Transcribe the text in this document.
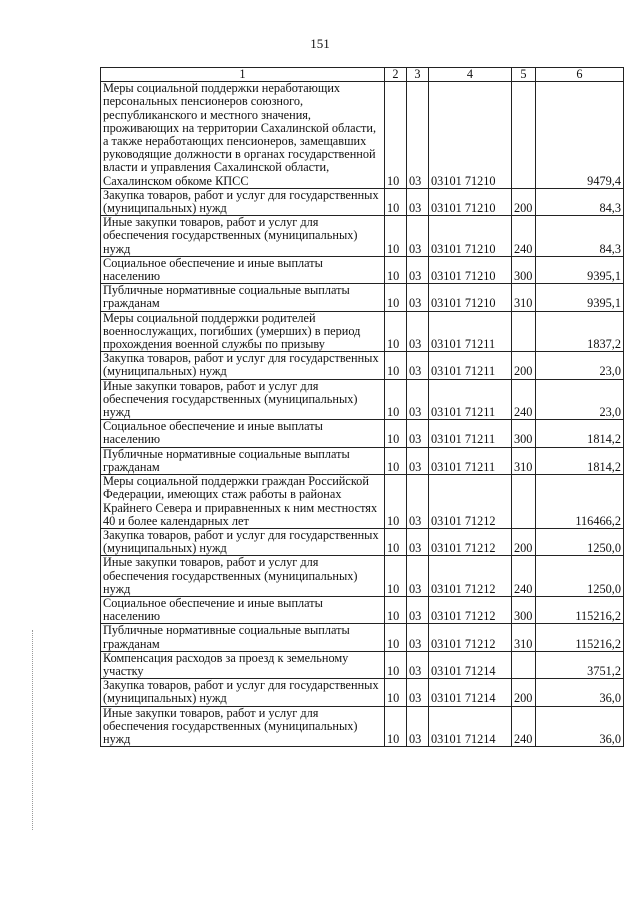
151
1	2	3	4	5	6
Меры социальной поддержки неработающих персональных пенсионеров союзного, республиканского и местного значения, проживающих на территории Сахалинской области, а также неработающих пенсионеров, замещавших руководящие должности в органах государственной власти и управления Сахалинской области, Сахалинском обкоме КПСС	10	03	03101 71210		9479,4
Закупка товаров, работ и услуг для государственных (муниципальных) нужд	10	03	03101 71210	200	84,3
Иные закупки товаров, работ и услуг для обеспечения государственных (муниципальных) нужд	10	03	03101 71210	240	84,3
Социальное обеспечение и иные выплаты населению	10	03	03101 71210	300	9395,1
Публичные нормативные социальные выплаты гражданам	10	03	03101 71210	310	9395,1
Меры социальной поддержки родителей военнослужащих, погибших (умерших) в период прохождения военной службы по призыву	10	03	03101 71211		1837,2
Закупка товаров, работ и услуг для государственных (муниципальных) нужд	10	03	03101 71211	200	23,0
Иные закупки товаров, работ и услуг для обеспечения государственных (муниципальных) нужд	10	03	03101 71211	240	23,0
Социальное обеспечение и иные выплаты населению	10	03	03101 71211	300	1814,2
Публичные нормативные социальные выплаты гражданам	10	03	03101 71211	310	1814,2
Меры социальной поддержки граждан Российской Федерации, имеющих стаж работы в районах Крайнего Севера и приравненных к ним местностях 40 и более календарных лет	10	03	03101 71212		116466,2
Закупка товаров, работ и услуг для государственных (муниципальных) нужд	10	03	03101 71212	200	1250,0
Иные закупки товаров, работ и услуг для обеспечения государственных (муниципальных) нужд	10	03	03101 71212	240	1250,0
Социальное обеспечение и иные выплаты населению	10	03	03101 71212	300	115216,2
Публичные нормативные социальные выплаты гражданам	10	03	03101 71212	310	115216,2
Компенсация расходов за проезд к земельному участку	10	03	03101 71214		3751,2
Закупка товаров, работ и услуг для государственных (муниципальных) нужд	10	03	03101 71214	200	36,0
Иные закупки товаров, работ и услуг для обеспечения государственных (муниципальных) нужд	10	03	03101 71214	240	36,0
